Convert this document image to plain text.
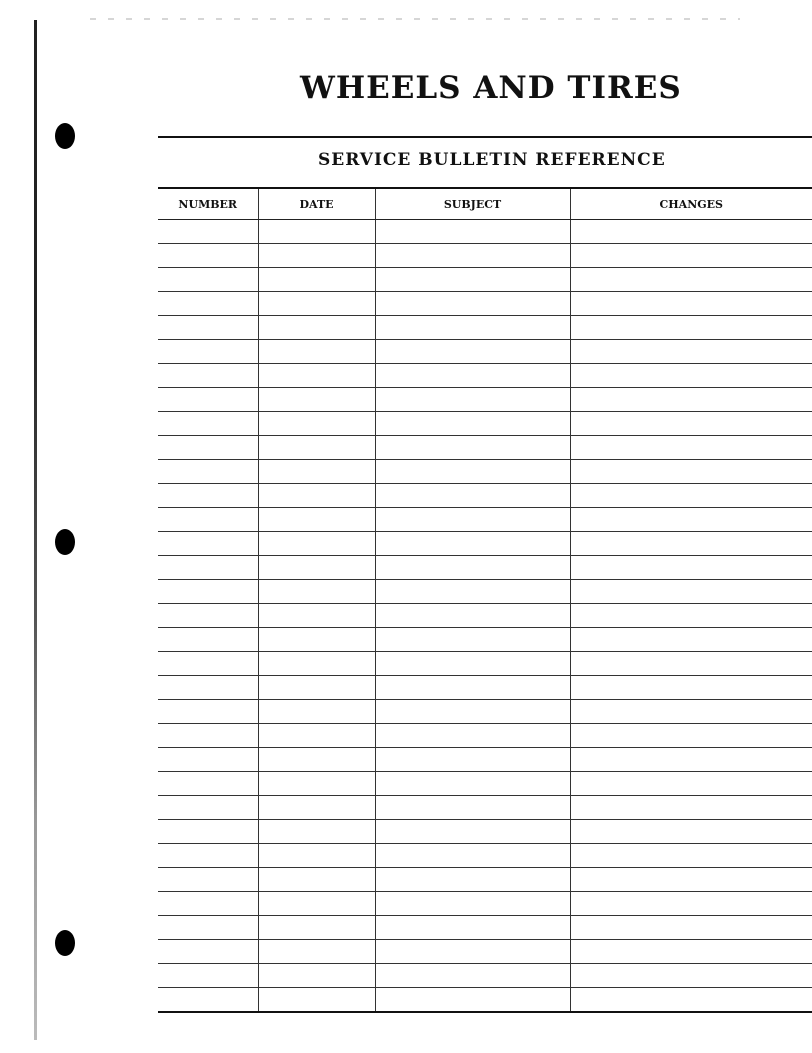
WHEELS AND TIRES
SERVICE BULLETIN REFERENCE
NUMBER	DATE	SUBJECT	CHANGES
